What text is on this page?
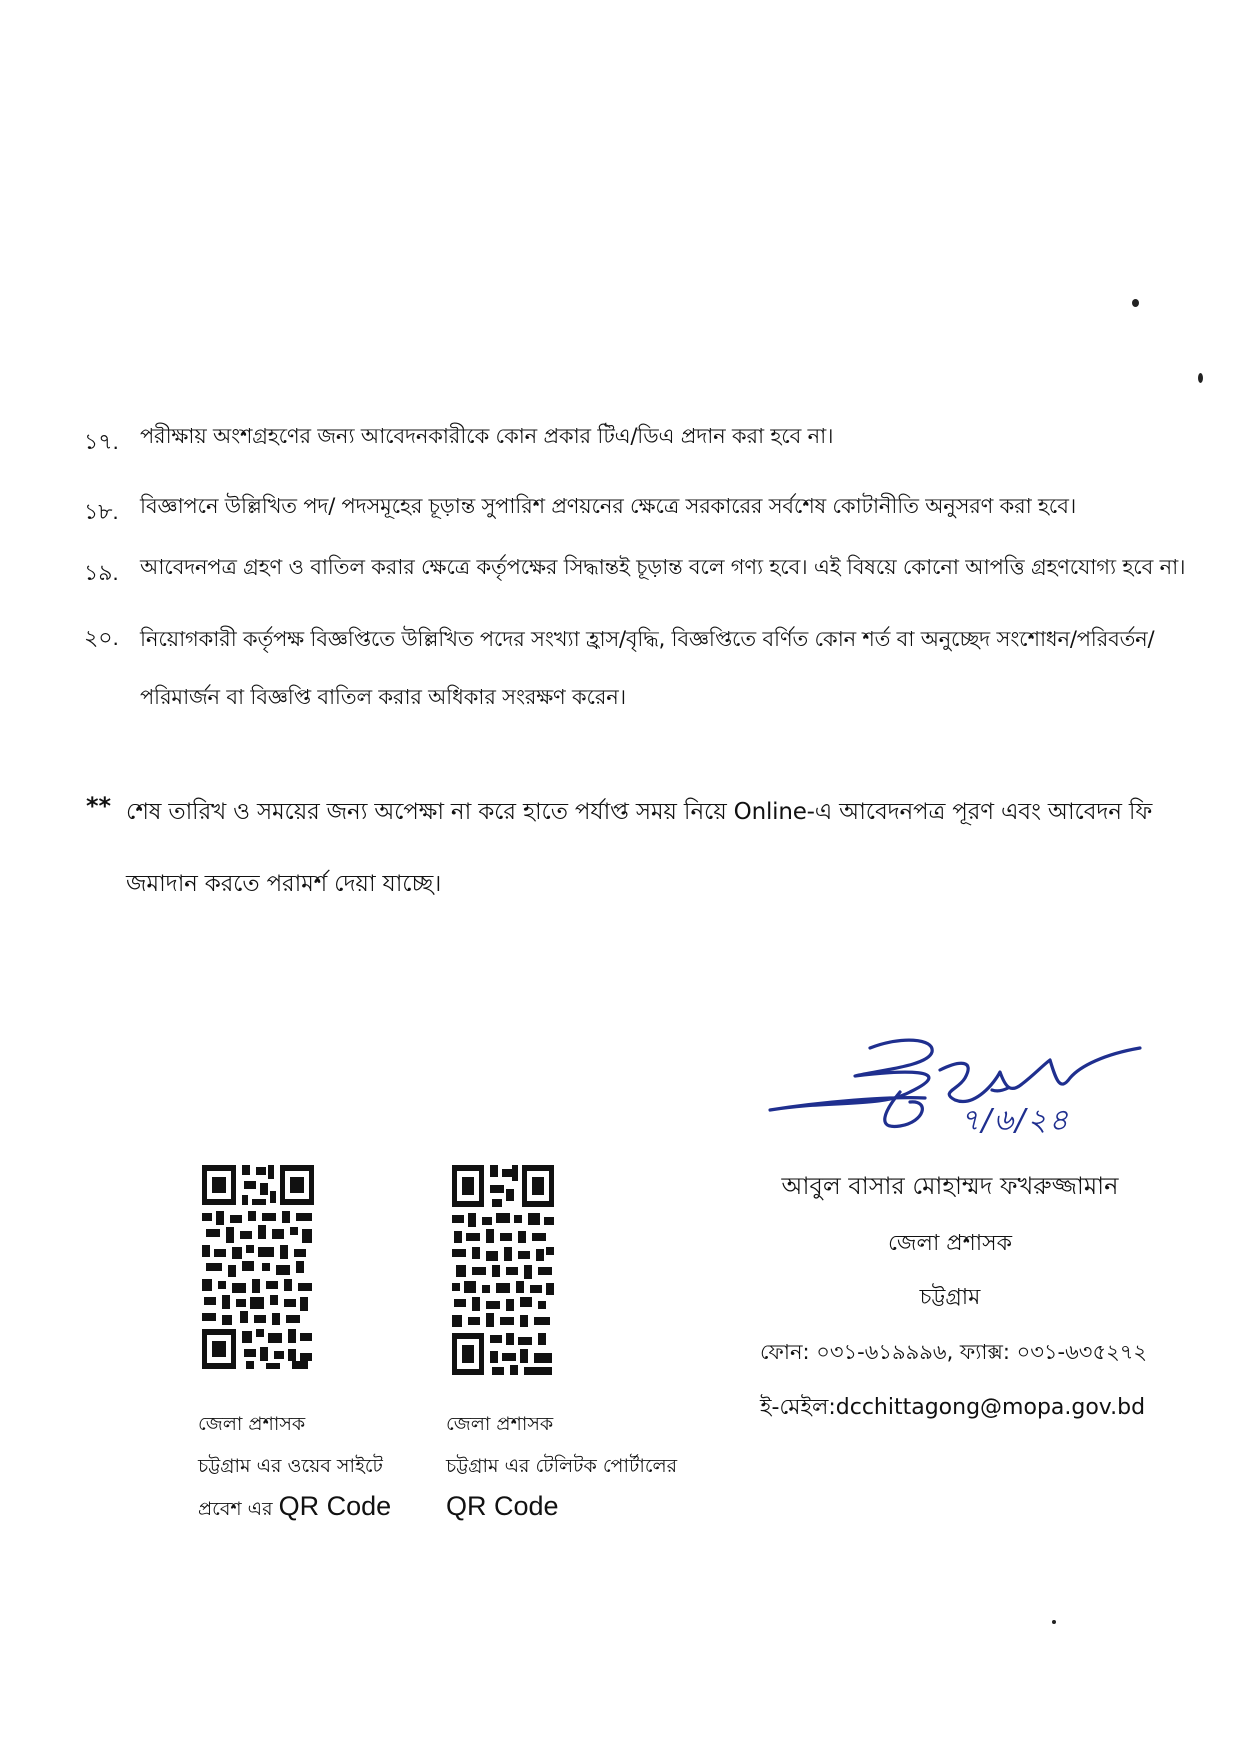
১৭.	পরীক্ষায় অংশগ্রহণের জন্য আবেদনকারীকে কোন প্রকার টিএ/ডিএ প্রদান করা হবে না।
১৮.	বিজ্ঞাপনে উল্লিখিত পদ/ পদসমূহের চূড়ান্ত সুপারিশ প্রণয়নের ক্ষেত্রে সরকারের সর্বশেষ কোটানীতি অনুসরণ করা হবে।
১৯.	আবেদনপত্র গ্রহণ ও বাতিল করার ক্ষেত্রে কর্তৃপক্ষের সিদ্ধান্তই চূড়ান্ত বলে গণ্য হবে। এই বিষয়ে কোনো আপত্তি গ্রহণযোগ্য হবে না।
২০.	নিয়োগকারী কর্তৃপক্ষ বিজ্ঞপ্তিতে উল্লিখিত পদের সংখ্যা হ্রাস/বৃদ্ধি, বিজ্ঞপ্তিতে বর্ণিত কোন শর্ত বা অনুচ্ছেদ সংশোধন/পরিবর্তন/পরিমার্জন বা বিজ্ঞপ্তি বাতিল করার অধিকার সংরক্ষণ করেন।
** শেষ তারিখ ও সময়ের জন্য অপেক্ষা না করে হাতে পর্যাপ্ত সময় নিয়ে Online-এ আবেদনপত্র পূরণ এবং আবেদন ফি জমাদান করতে পরামর্শ দেয়া যাচ্ছে।
জেলা প্রশাসক
চট্টগ্রাম এর ওয়েব সাইটে
প্রবেশ এর QR Code
জেলা প্রশাসক
চট্টগ্রাম এর টেলিটক পোর্টালের
QR Code
৭/৬/২৪
আবুল বাসার মোহাম্মদ ফখরুজ্জামান
জেলা প্রশাসক
চট্টগ্রাম
ফোন: ০৩১-৬১৯৯৯৬, ফ্যাক্স: ০৩১-৬৩৫২৭২
ই-মেইল:dcchittagong@mopa.gov.bd
